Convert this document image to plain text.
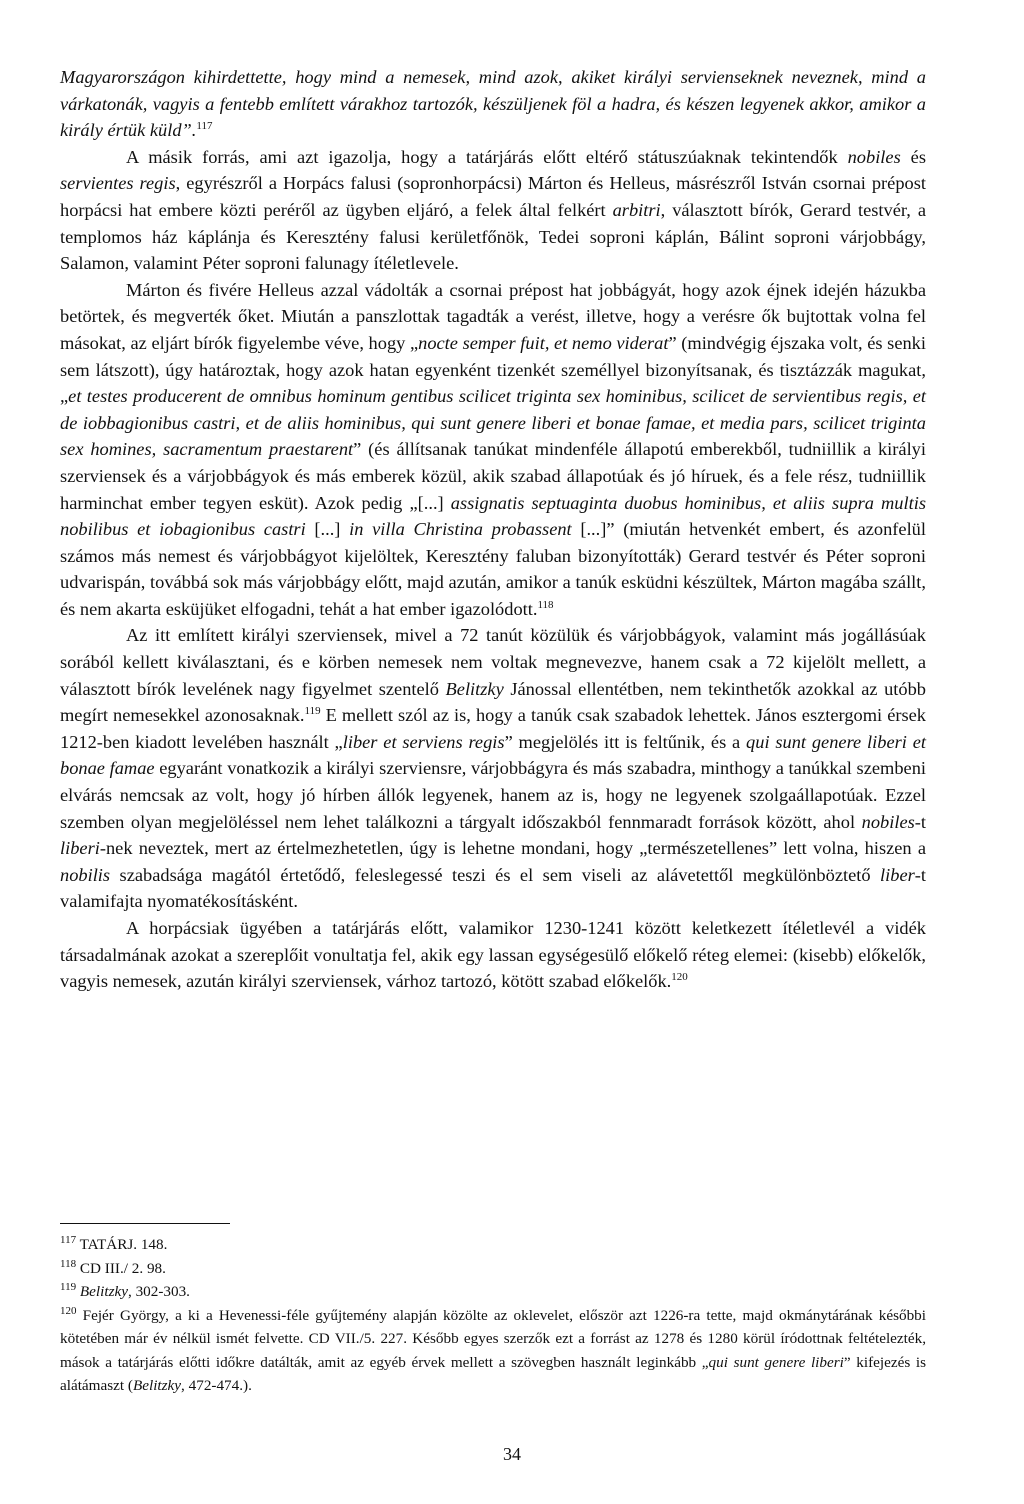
Magyarországon kihirdettette, hogy mind a nemesek, mind azok, akiket királyi servienseknek neveznek, mind a várkatonák, vagyis a fentebb említett várakhoz tartozók, készüljenek föl a hadra, és készen legyenek akkor, amikor a király értük küld”.$^{117}$

A másik forrás, ami azt igazolja, hogy a tatárjárás előtt eltérő státuszúaknak tekintendők nobiles és servientes regis, egyrészről a Horpács falusi (sopronhorpácsi) Márton és Helleus, másrészről István csornai prépost horpácsi hat embere közti peréről az ügyben eljáró, a felek által felkért arbitri, választott bírók, Gerard testvér, a templomos ház káplánja és Keresztény falusi kerületfőnök, Tedei soproni káplán, Bálint soproni várjobbágy, Salamon, valamint Péter soproni falunagy ítéletlevele.

Márton és fivére Helleus azzal vádolták a csornai prépost hat jobbágyát, hogy azok éjnek idején házukba betörtek, és megverték őket. Miután a panszlottak tagadták a verést, illetve, hogy a verésre ők bujtottak volna fel másokat, az eljárt bírók figyelembe véve, hogy „nocte semper fuit, et nemo viderat” (mindvégig éjszaka volt, és senki sem látszott), úgy határoztak, hogy azok hatan egyenként tizenkét személlyel bizonyítsanak, és tisztázzák magukat, „et testes producerent de omnibus hominum gentibus scilicet triginta sex hominibus, scilicet de servientibus regis, et de iobbagionibus castri, et de aliis hominibus, qui sunt genere liberi et bonae famae, et media pars, scilicet triginta sex homines, sacramentum praestarent” (és állítsanak tanúkat mindenféle állapotú emberekből, tudniillik a királyi szerviensek és a várjobbágyok és más emberek közül, akik szabad állapotúak és jó híruek, és a fele rész, tudniillik harminchat ember tegyen esküt). Azok pedig „[...] assignatis septuaginta duobus hominibus, et aliis supra multis nobilibus et iobagionibus castri [...] in villa Christina probassent [...]” (miután hetvenkét embert, és azonfelül számos más nemest és várjobbágyot kijelöltek, Keresztény faluban bizonyították) Gerard testvér és Péter soproni udvarispán, továbbá sok más várjobbágy előtt, majd azután, amikor a tanúk esküdni készültek, Márton magába szállt, és nem akarta esküjüket elfogadni, tehát a hat ember igazolódott.$^{118}$

Az itt említett királyi szerviensek, mivel a 72 tanút közülük és várjobbágyok, valamint más jogállásúak sorából kellett kiválasztani, és e körben nemesek nem voltak megnevezve, hanem csak a 72 kijelölt mellett, a választott bírók levelének nagy figyelmet szentelő Belitzky Jánossal ellentétben, nem tekinthetők azokkal az utóbb megírt nemesekkel azonosaknak.$^{119}$ E mellett szól az is, hogy a tanúk csak szabadok lehettek. János esztergomi érsek 1212-ben kiadott levelében használt „liber et serviens regis” megjelölés itt is feltűnik, és a qui sunt genere liberi et bonae famae egyaránt vonatkozik a királyi szerviensre, várjobbágyra és más szabadra, minthogy a tanúkkal szembeni elvárás nemcsak az volt, hogy jó hírben állók legyenek, hanem az is, hogy ne legyenek szolgaállapotúak. Ezzel szemben olyan megjelöléssel nem lehet találkozni a tárgyalt időszakból fennmaradt források között, ahol nobiles-t liberi-nek neveztek, mert az értelmezhetetlen, úgy is lehetne mondani, hogy „természetellenes” lett volna, hiszen a nobilis szabadsága magától értetődő, feleslegessé teszi és el sem viseli az alávetettől megkülönböztető liber-t valamifajta nyomatékosításként.

A horpácsiak ügyében a tatárjárás előtt, valamikor 1230-1241 között keletkezett ítéletlevél a vidék társadalmának azokat a szereplőit vonultatja fel, akik egy lassan egységesülő előkelő réteg elemei: (kisebb) előkelők, vagyis nemesek, azután királyi szerviensek, várhoz tartozó, kötött szabad előkelők.$^{120}$

$^{117}$ TATÁRJ. 148.

$^{118}$ CD III./ 2. 98.

$^{119}$ Belitzky, 302-303.

$^{120}$ Fejér György, a ki a Hevenessi-féle gyűjtemény alapján közölte az oklevelet, először azt 1226-ra tette, majd okmánytárának későbbi kötetében már év nélkül ismét felvette. CD VII./5. 227. Később egyes szerzők ezt a forrást az 1278 és 1280 körül íródottnak feltételezték, mások a tatárjárás előtti időkre datálták, amit az egyéb érvek mellett a szövegben használt leginkább „qui sunt genere liberi” kifejezés is alátámaszt (Belitzky, 472-474.).

34
